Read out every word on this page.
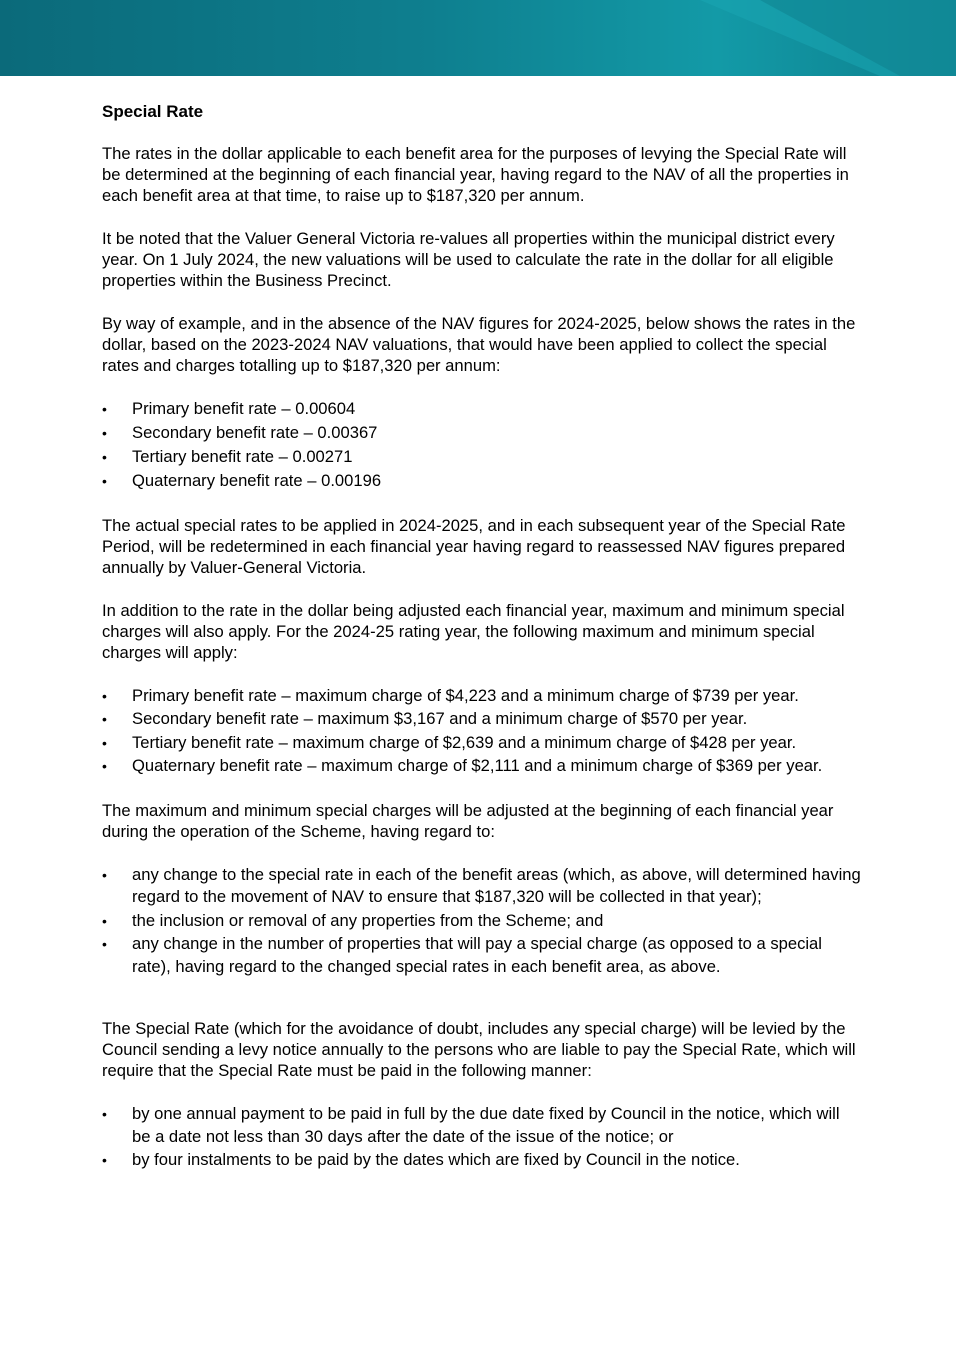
Special Rate

The rates in the dollar applicable to each benefit area for the purposes of levying the Special Rate will be determined at the beginning of each financial year, having regard to the NAV of all the properties in each benefit area at that time, to raise up to $187,320 per annum.

It be noted that the Valuer General Victoria re-values all properties within the municipal district every year. On 1 July 2024, the new valuations will be used to calculate the rate in the dollar for all eligible properties within the Business Precinct.

By way of example, and in the absence of the NAV figures for 2024-2025, below shows the rates in the dollar, based on the 2023-2024 NAV valuations, that would have been applied to collect the special rates and charges totalling up to $187,320 per annum:

•	Primary benefit rate – 0.00604
•	Secondary benefit rate – 0.00367
•	Tertiary benefit rate – 0.00271
•	Quaternary benefit rate – 0.00196

The actual special rates to be applied in 2024-2025, and in each subsequent year of the Special Rate Period, will be redetermined in each financial year having regard to reassessed NAV figures prepared annually by Valuer-General Victoria.

In addition to the rate in the dollar being adjusted each financial year, maximum and minimum special charges will also apply. For the 2024-25 rating year, the following maximum and minimum special charges will apply:

•	Primary benefit rate – maximum charge of $4,223 and a minimum charge of $739 per year.
•	Secondary benefit rate – maximum $3,167 and a minimum charge of $570 per year.
•	Tertiary benefit rate – maximum charge of $2,639 and a minimum charge of $428 per year.
•	Quaternary benefit rate – maximum charge of $2,111 and a minimum charge of $369 per year.

The maximum and minimum special charges will be adjusted at the beginning of each financial year during the operation of the Scheme, having regard to:

•	any change to the special rate in each of the benefit areas (which, as above, will determined having regard to the movement of NAV to ensure that $187,320 will be collected in that year);
•	the inclusion or removal of any properties from the Scheme; and
•	any change in the number of properties that will pay a special charge (as opposed to a special rate), having regard to the changed special rates in each benefit area, as above.

The Special Rate (which for the avoidance of doubt, includes any special charge) will be levied by the Council sending a levy notice annually to the persons who are liable to pay the Special Rate, which will require that the Special Rate must be paid in the following manner:

•	by one annual payment to be paid in full by the due date fixed by Council in the notice, which will be a date not less than 30 days after the date of the issue of the notice; or
•	by four instalments to be paid by the dates which are fixed by Council in the notice.
